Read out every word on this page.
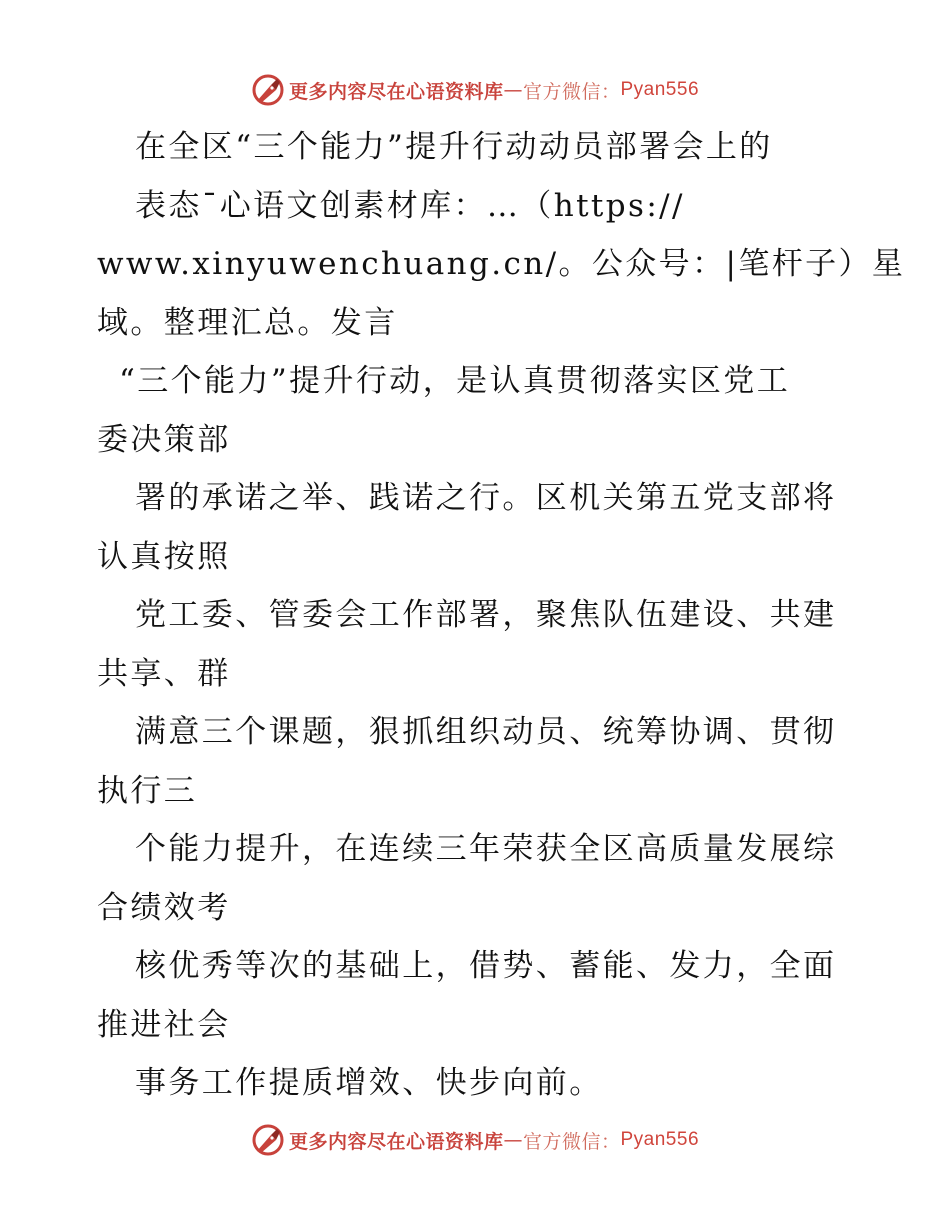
更多内容尽在心语资料库 — 官方微信： Pyan556
在全区“三个能力”提升行动动员部署会上的
表态¯心语文创素材库：…（https://
www.xinyuwenchuang.cn/。公众号：|笔杆子）星
域。整理汇总。发言
“三个能力”提升行动，是认真贯彻落实区党工
委决策部
署的承诺之举、践诺之行。区机关第五党支部将
认真按照
党工委、管委会工作部署，聚焦队伍建设、共建
共享、群
满意三个课题，狠抓组织动员、统筹协调、贯彻
执行三
个能力提升，在连续三年荣获全区高质量发展综
合绩效考
核优秀等次的基础上，借势、蓄能、发力，全面
推进社会
事务工作提质增效、快步向前。
更多内容尽在心语资料库 — 官方微信： Pyan556
